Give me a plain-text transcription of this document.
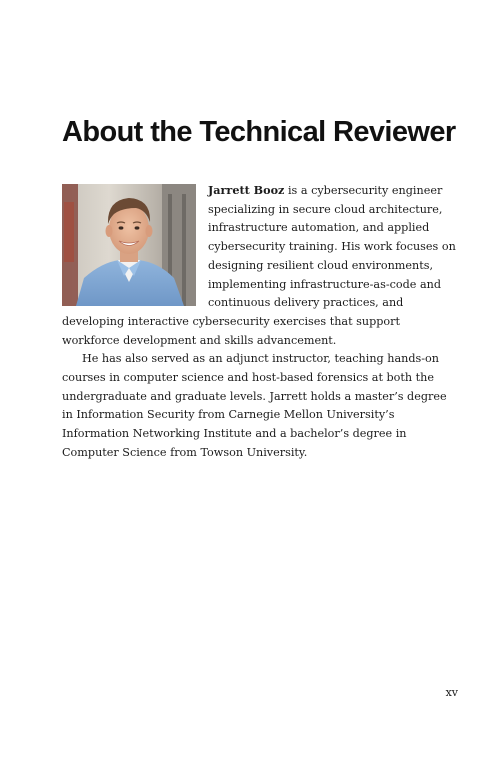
About the Technical Reviewer

Jarrett Booz is a cybersecurity engineer specializing in secure cloud architecture, infrastructure automation, and applied cybersecurity training. His work focuses on designing resilient cloud environments, implementing infrastructure-as-code and continuous delivery practices, and developing interactive cybersecurity exercises that support workforce development and skills advancement.

He has also served as an adjunct instructor, teaching hands-on courses in computer science and host-based forensics at both the undergraduate and graduate levels. Jarrett holds a master’s degree in Information Security from Carnegie Mellon University’s Information Networking Institute and a bachelor’s degree in Computer Science from Towson University.

xv
